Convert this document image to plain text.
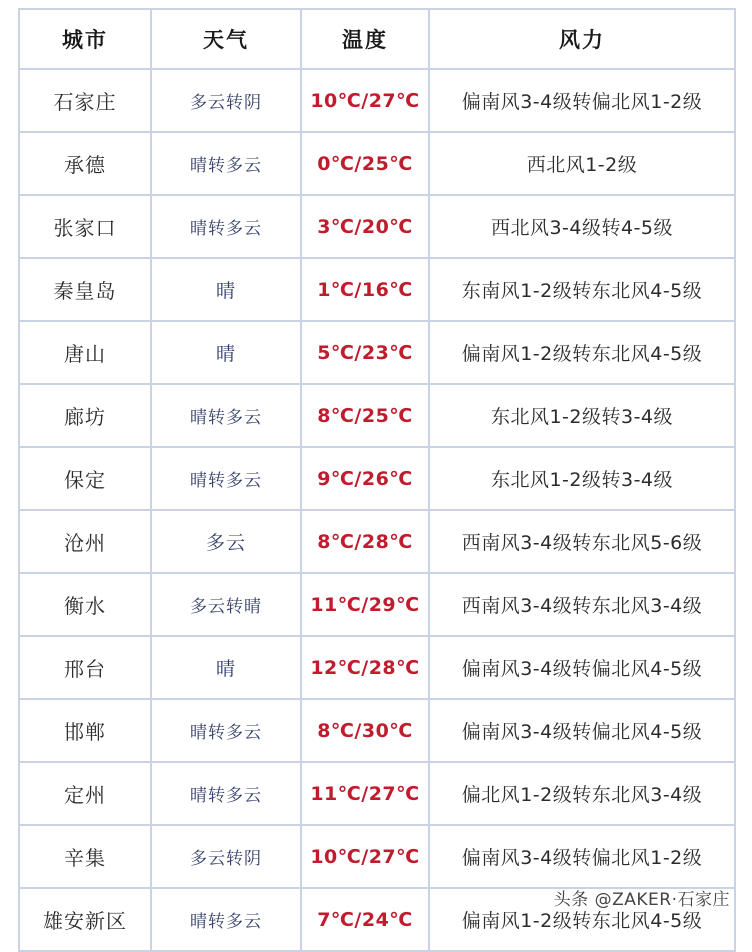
城市	天气	温度	风力
石家庄	多云转阴	10℃/27℃	偏南风3-4级转偏北风1-2级
承德	晴转多云	0℃/25℃	西北风1-2级
张家口	晴转多云	3℃/20℃	西北风3-4级转4-5级
秦皇岛	晴	1℃/16℃	东南风1-2级转东北风4-5级
唐山	晴	5℃/23℃	偏南风1-2级转东北风4-5级
廊坊	晴转多云	8℃/25℃	东北风1-2级转3-4级
保定	晴转多云	9℃/26℃	东北风1-2级转3-4级
沧州	多云	8℃/28℃	西南风3-4级转东北风5-6级
衡水	多云转晴	11℃/29℃	西南风3-4级转东北风3-4级
邢台	晴	12℃/28℃	偏南风3-4级转偏北风4-5级
邯郸	晴转多云	8℃/30℃	偏南风3-4级转偏北风4-5级
定州	晴转多云	11℃/27℃	偏北风1-2级转东北风3-4级
辛集	多云转阴	10℃/27℃	偏南风3-4级转偏北风1-2级
雄安新区	晴转多云	7℃/24℃	偏南风1-2级转东北风4-5级
头条 @ZAKER·石家庄
